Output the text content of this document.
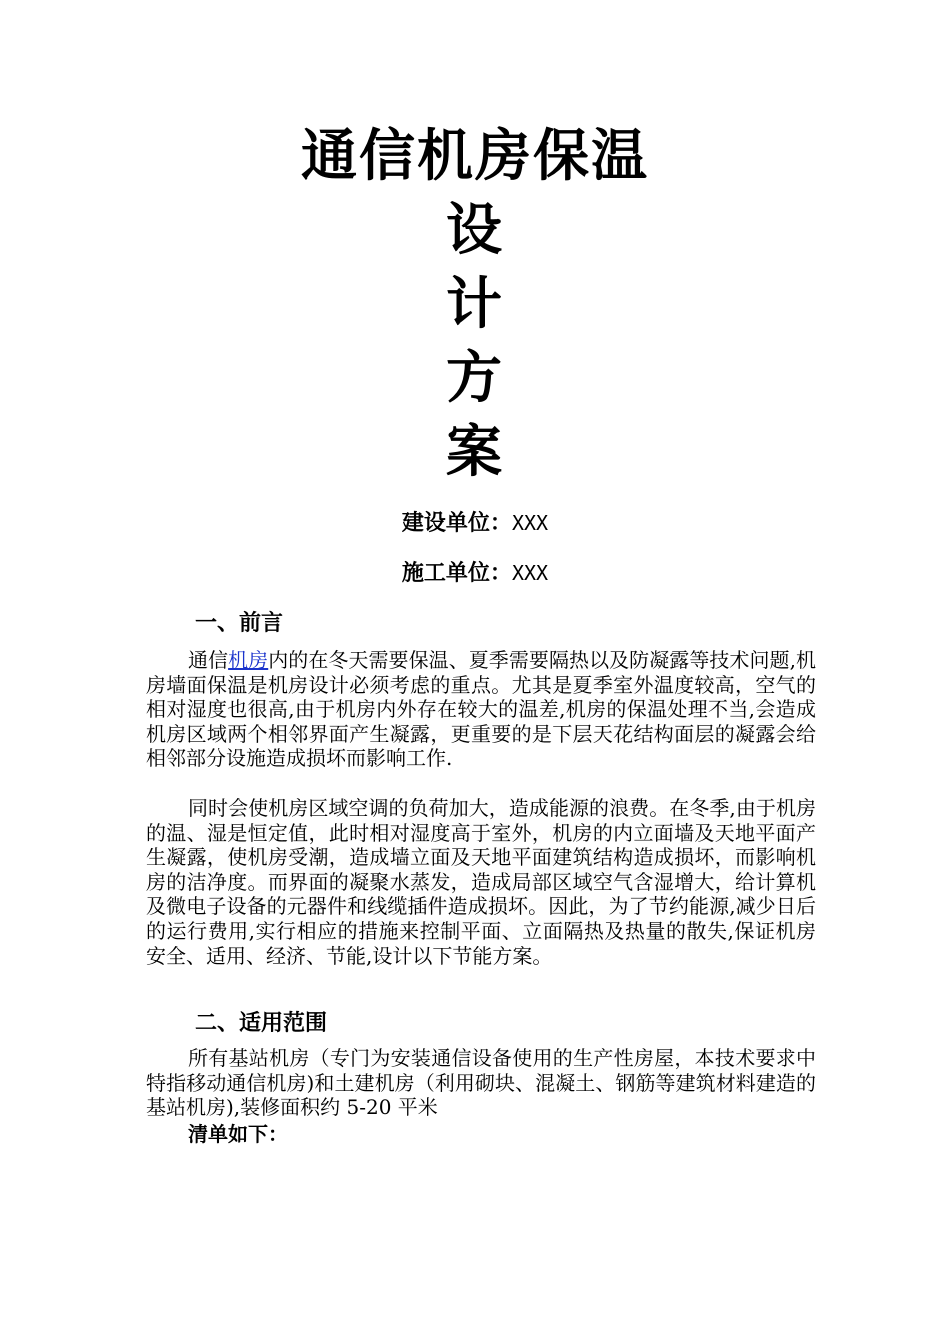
通信机房保温
设
计
方
案
建设单位：XXX
施工单位：XXX
一、前言
通信机房内的在冬天需要保温、夏季需要隔热以及防凝露等技术问题,机房墙面保温是机房设计必须考虑的重点。尤其是夏季室外温度较高，空气的相对湿度也很高,由于机房内外存在较大的温差,机房的保温处理不当,会造成机房区域两个相邻界面产生凝露，更重要的是下层天花结构面层的凝露会给相邻部分设施造成损坏而影响工作.
同时会使机房区域空调的负荷加大，造成能源的浪费。在冬季,由于机房的温、湿是恒定值，此时相对湿度高于室外，机房的内立面墙及天地平面产生凝露，使机房受潮，造成墙立面及天地平面建筑结构造成损坏，而影响机房的洁净度。而界面的凝聚水蒸发，造成局部区域空气含湿增大，给计算机及微电子设备的元器件和线缆插件造成损坏。因此，为了节约能源,减少日后的运行费用,实行相应的措施来控制平面、立面隔热及热量的散失,保证机房安全、适用、经济、节能,设计以下节能方案。
二、适用范围
所有基站机房（专门为安装通信设备使用的生产性房屋，本技术要求中特指移动通信机房)和土建机房（利用砌块、混凝土、钢筋等建筑材料建造的基站机房),装修面积约 5-20 平米
清单如下：
